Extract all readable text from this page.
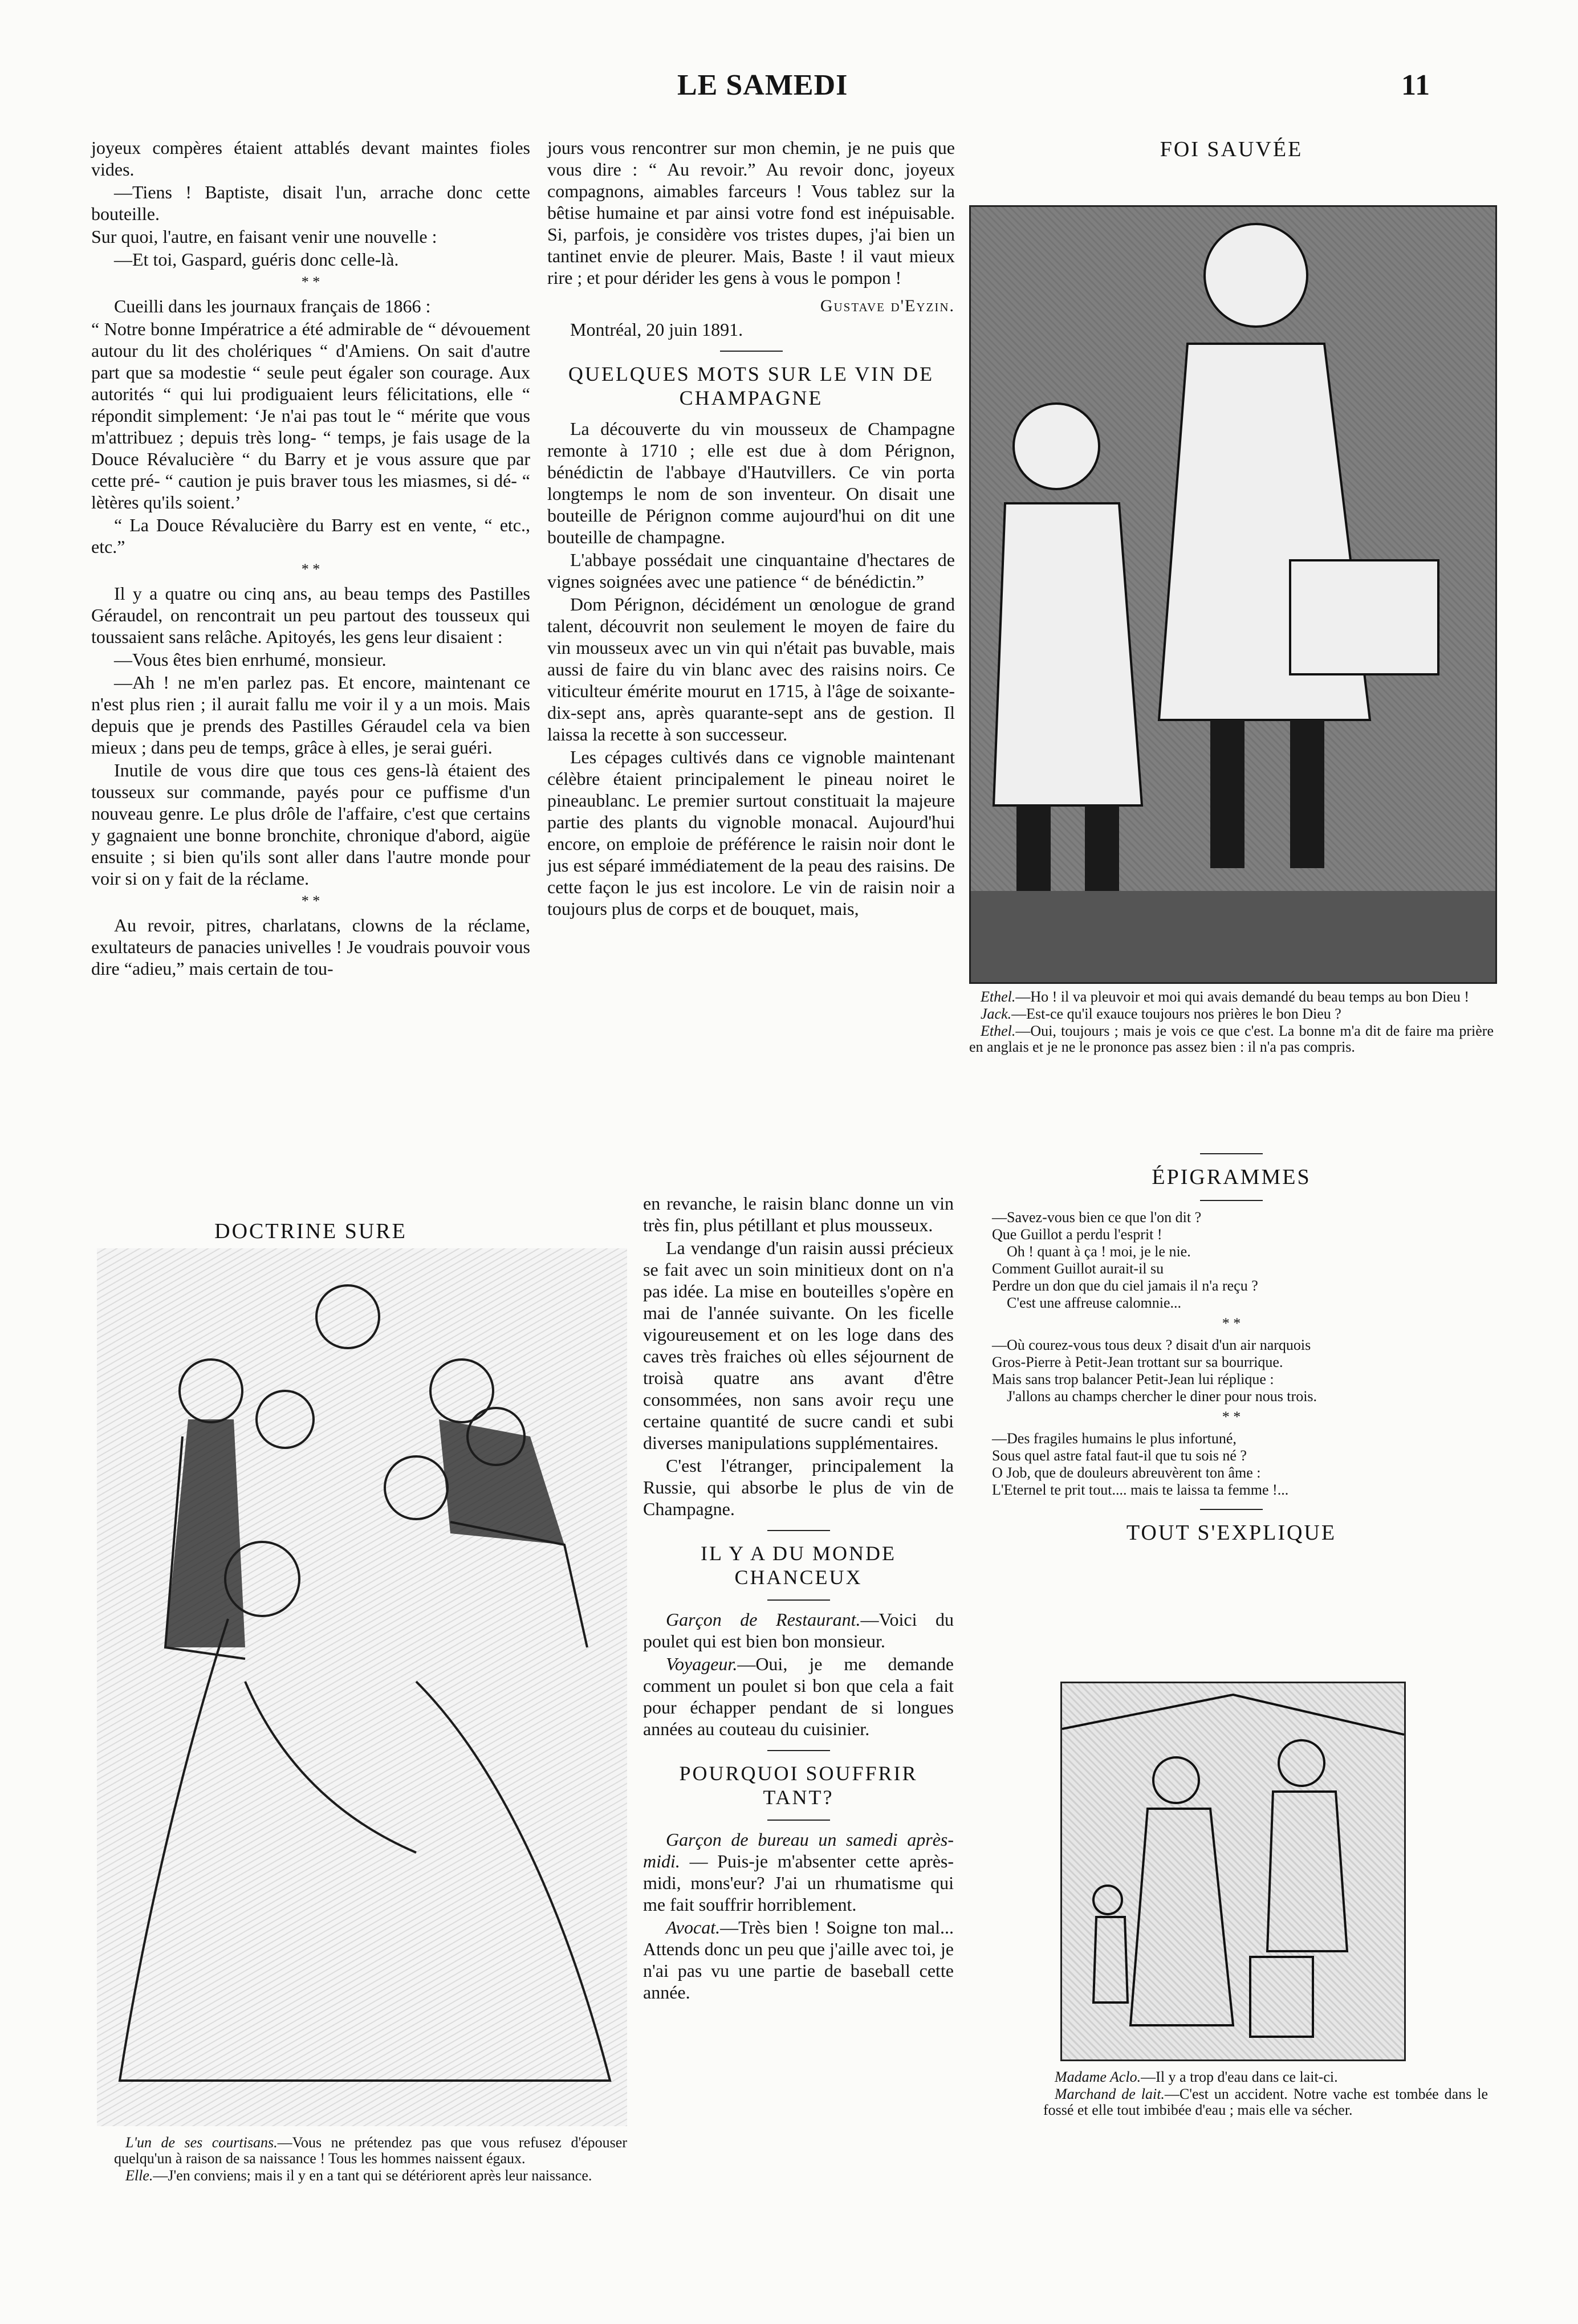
LE SAMEDI	11

joyeux compères étaient attablés devant maintes fioles vides.

—Tiens ! Baptiste, disait l'un, arrache donc cette bouteille.

Sur quoi, l'autre, en faisant venir une nouvelle :

—Et toi, Gaspard, guéris donc celle-là.

* *

Cueilli dans les journaux français de 1866 :

“ Notre bonne Impératrice a été admirable de “ dévouement autour du lit des cholériques “ d'Amiens. On sait d'autre part que sa modestie “ seule peut égaler son courage. Aux autorités “ qui lui prodiguaient leurs félicitations, elle “ répondit simplement: ‘Je n'ai pas tout le “ mérite que vous m'attribuez ; depuis très long- “ temps, je fais usage de la Douce Révalucière “ du Barry et je vous assure que par cette pré- “ caution je puis braver tous les miasmes, si dé- “ lètères qu'ils soient.’

“ La Douce Révalucière du Barry est en vente, “ etc., etc.”

* *

Il y a quatre ou cinq ans, au beau temps des Pastilles Géraudel, on rencontrait un peu partout des tousseux qui toussaient sans relâche. Apitoyés, les gens leur disaient :

—Vous êtes bien enrhumé, monsieur.

—Ah ! ne m'en parlez pas. Et encore, maintenant ce n'est plus rien ; il aurait fallu me voir il y a un mois. Mais depuis que je prends des Pastilles Géraudel cela va bien mieux ; dans peu de temps, grâce à elles, je serai guéri.

Inutile de vous dire que tous ces gens-là étaient des tousseux sur commande, payés pour ce puffisme d'un nouveau genre. Le plus drôle de l'affaire, c'est que certains y gagnaient une bonne bronchite, chronique d'abord, aigüe ensuite ; si bien qu'ils sont aller dans l'autre monde pour voir si on y fait de la réclame.

* *

Au revoir, pitres, charlatans, clowns de la réclame, exultateurs de panacies univelles ! Je voudrais pouvoir vous dire “adieu,” mais certain de tou-

DOCTRINE SURE

L'un de ses courtisans.—Vous ne prétendez pas que vous refusez d'épouser quelqu'un à raison de sa naissance ! Tous les hommes naissent égaux.

Elle.—J'en conviens; mais il y en a tant qui se détériorent après leur naissance.

jours vous rencontrer sur mon chemin, je ne puis que vous dire : “ Au revoir.” Au revoir donc, joyeux compagnons, aimables farceurs ! Vous tablez sur la bêtise humaine et par ainsi votre fond est inépuisable. Si, parfois, je considère vos tristes dupes, j'ai bien un tantinet envie de pleurer. Mais, Baste ! il vaut mieux rire ; et pour dérider les gens à vous le pompon !

Gustave d'Eyzin.
Montréal, 20 juin 1891.
QUELQUES MOTS SUR LE VIN DE CHAMPAGNE

La découverte du vin mousseux de Champagne remonte à 1710 ; elle est due à dom Pérignon, bénédictin de l'abbaye d'Hautvillers. Ce vin porta longtemps le nom de son inventeur. On disait une bouteille de Pérignon comme aujourd'hui on dit une bouteille de champagne.

L'abbaye possédait une cinquantaine d'hectares de vignes soignées avec une patience “ de bénédictin.”

Dom Pérignon, décidément un œnologue de grand talent, découvrit non seulement le moyen de faire du vin mousseux avec un vin qui n'était pas buvable, mais aussi de faire du vin blanc avec des raisins noirs. Ce viticulteur émérite mourut en 1715, à l'âge de soixante-dix-sept ans, après quarante-sept ans de gestion. Il laissa la recette à son successeur.

Les cépages cultivés dans ce vignoble maintenant célèbre étaient principalement le pineau noiret le pineaublanc. Le premier surtout constituait la majeure partie des plants du vignoble monacal. Aujourd'hui encore, on emploie de préférence le raisin noir dont le jus est séparé immédiatement de la peau des raisins. De cette façon le jus est incolore. Le vin de raisin noir a toujours plus de corps et de bouquet, mais,

en revanche, le raisin blanc donne un vin très fin, plus pétillant et plus mousseux.

La vendange d'un raisin aussi précieux se fait avec un soin minitieux dont on n'a pas idée. La mise en bouteilles s'opère en mai de l'année suivante. On les ficelle vigoureusement et on les loge dans des caves très fraiches où elles séjournent de troisà quatre ans avant d'être consommées, non sans avoir reçu une certaine quantité de sucre candi et subi diverses manipulations supplémentaires.

C'est l'étranger, principalement la Russie, qui absorbe le plus de vin de Champagne.

IL Y A DU MONDE CHANCEUX

Garçon de Restaurant.—Voici du poulet qui est bien bon monsieur.

Voyageur.—Oui, je me demande comment un poulet si bon que cela a fait pour échapper pendant de si longues années au couteau du cuisinier.

POURQUOI SOUFFRIR TANT?

Garçon de bureau un samedi après-midi. — Puis-je m'absenter cette après-midi, mons'eur? J'ai un rhumatisme qui me fait souffrir horriblement.

Avocat.—Très bien ! Soigne ton mal... Attends donc un peu que j'aille avec toi, je n'ai pas vu une partie de baseball cette année.

FOI SAUVÉE

Ethel.—Ho ! il va pleuvoir et moi qui avais demandé du beau temps au bon Dieu !

Jack.—Est-ce qu'il exauce toujours nos prières le bon Dieu ?

Ethel.—Oui, toujours ; mais je vois ce que c'est. La bonne m'a dit de faire ma prière en anglais et je ne le prononce pas assez bien : il n'a pas compris.

ÉPIGRAMMES

—Savez-vous bien ce que l'on dit ?
Que Guillot a perdu l'esprit !
Oh ! quant à ça ! moi, je le nie.
Comment Guillot aurait-il su
Perdre un don que du ciel jamais il n'a reçu ?
C'est une affreuse calomnie...

* *

—Où courez-vous tous deux ? disait d'un air narquois
Gros-Pierre à Petit-Jean trottant sur sa bourrique.
Mais sans trop balancer Petit-Jean lui réplique :
J'allons au champs chercher le diner pour nous trois.

* *

—Des fragiles humains le plus infortuné,
Sous quel astre fatal faut-il que tu sois né ?
O Job, que de douleurs abreuvèrent ton âme :
L'Eternel te prit tout.... mais te laissa ta femme !...

TOUT S'EXPLIQUE

Madame Aclo.—Il y a trop d'eau dans ce lait-ci.

Marchand de lait.—C'est un accident. Notre vache est tombée dans le fossé et elle tout imbibée d'eau ; mais elle va sécher.
